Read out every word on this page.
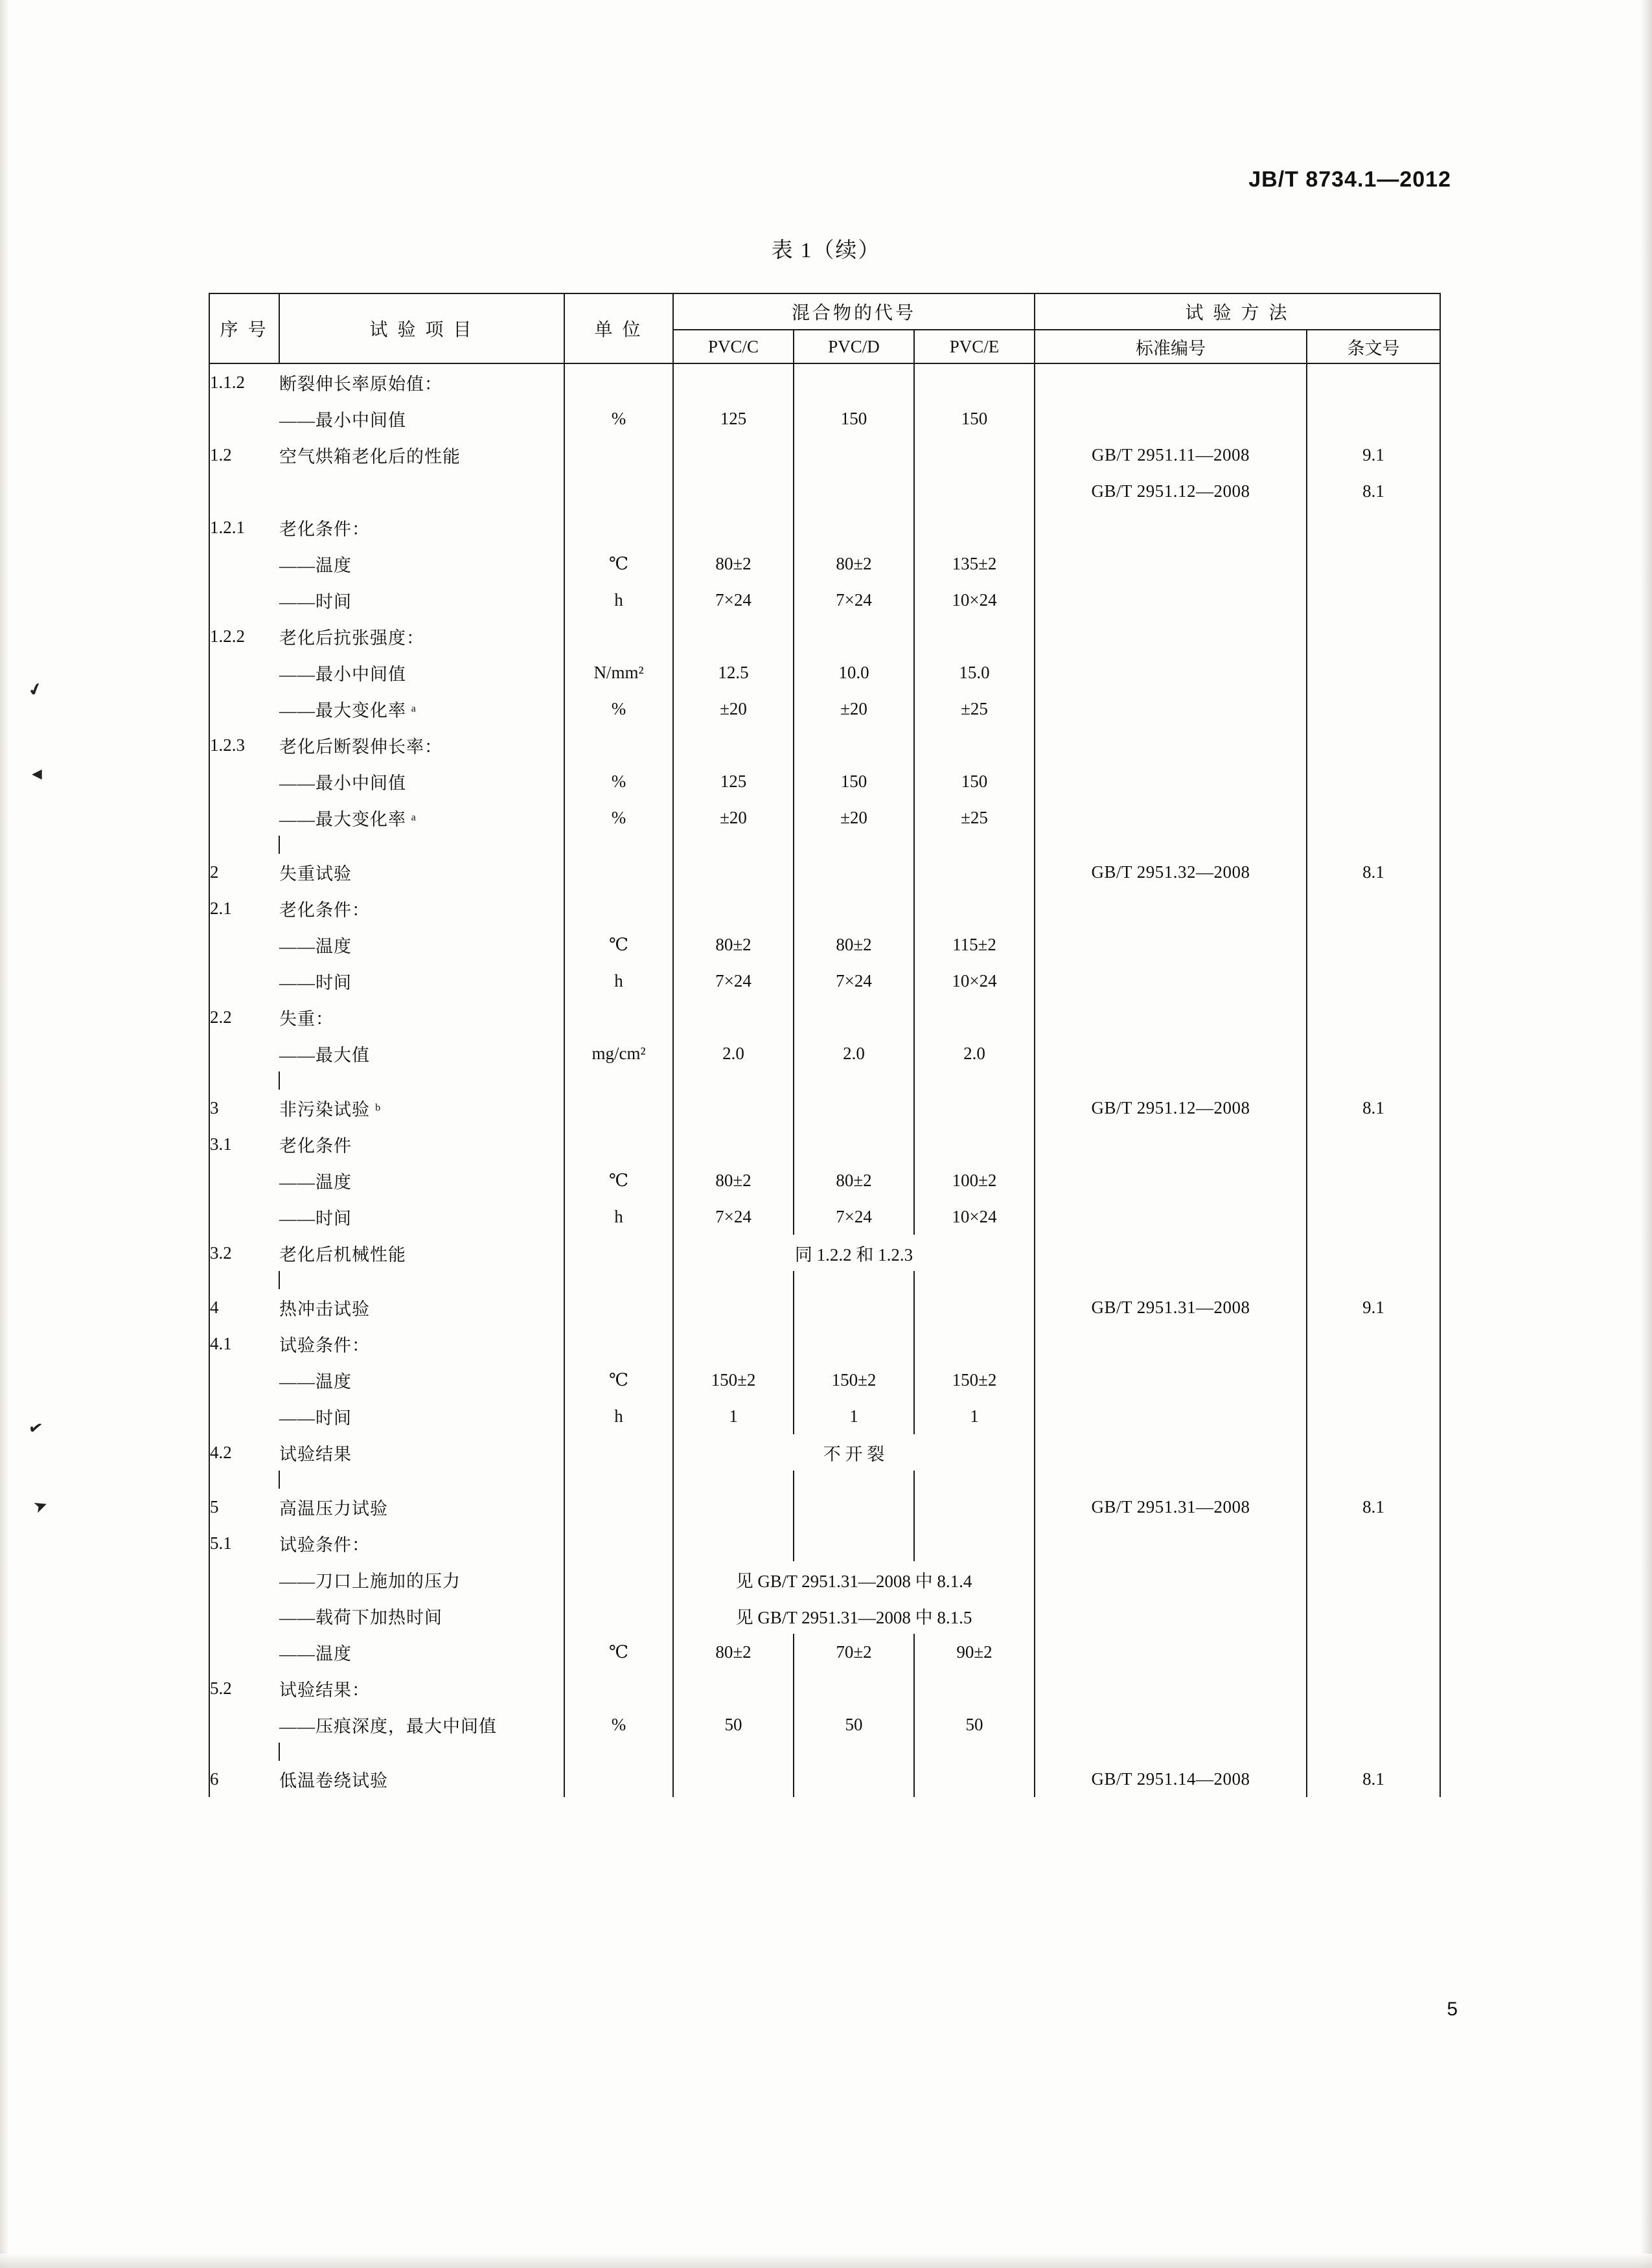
JB/T 8734.1—2012
表 1（续）
序 号	试 验 项 目	单 位	混合物的代号			试 验 方 法	
			PVC/C	PVC/D	PVC/E	标准编号	条文号
1.1.2	断裂伸长率原始值：						
	——最小中间值	%	125	150	150		
1.2	空气烘箱老化后的性能					GB/T 2951.11—2008	9.1
						GB/T 2951.12—2008	8.1
1.2.1	老化条件：						
	——温度	℃	80±2	80±2	135±2		
	——时间	h	7×24	7×24	10×24		
1.2.2	老化后抗张强度：						
	——最小中间值	N/mm²	12.5	10.0	15.0		
	——最大变化率 ᵃ	%	±20	±20	±25		
1.2.3	老化后断裂伸长率：						
	——最小中间值	%	125	150	150		
	——最大变化率 ᵃ	%	±20	±20	±25		

2	失重试验					GB/T 2951.32—2008	8.1
2.1	老化条件：						
	——温度	℃	80±2	80±2	115±2		
	——时间	h	7×24	7×24	10×24		
2.2	失重：						
	——最大值	mg/cm²	2.0	2.0	2.0		

3	非污染试验 ᵇ					GB/T 2951.12—2008	8.1
3.1	老化条件						
	——温度	℃	80±2	80±2	100±2		
	——时间	h	7×24	7×24	10×24		
3.2	老化后机械性能		同 1.2.2 和 1.2.3				

4	热冲击试验					GB/T 2951.31—2008	9.1
4.1	试验条件：						
	——温度	℃	150±2	150±2	150±2		
	——时间	h	1	1	1		
4.2	试验结果		不 开 裂				

5	高温压力试验					GB/T 2951.31—2008	8.1
5.1	试验条件：						
	——刀口上施加的压力		见 GB/T 2951.31—2008 中 8.1.4				
	——载荷下加热时间		见 GB/T 2951.31—2008 中 8.1.5				
	——温度	℃	80±2	70±2	90±2		
5.2	试验结果：						
	——压痕深度，最大中间值	%	50	50	50		

6	低温卷绕试验					GB/T 2951.14—2008	8.1
5
✔
◄
✔
➤
